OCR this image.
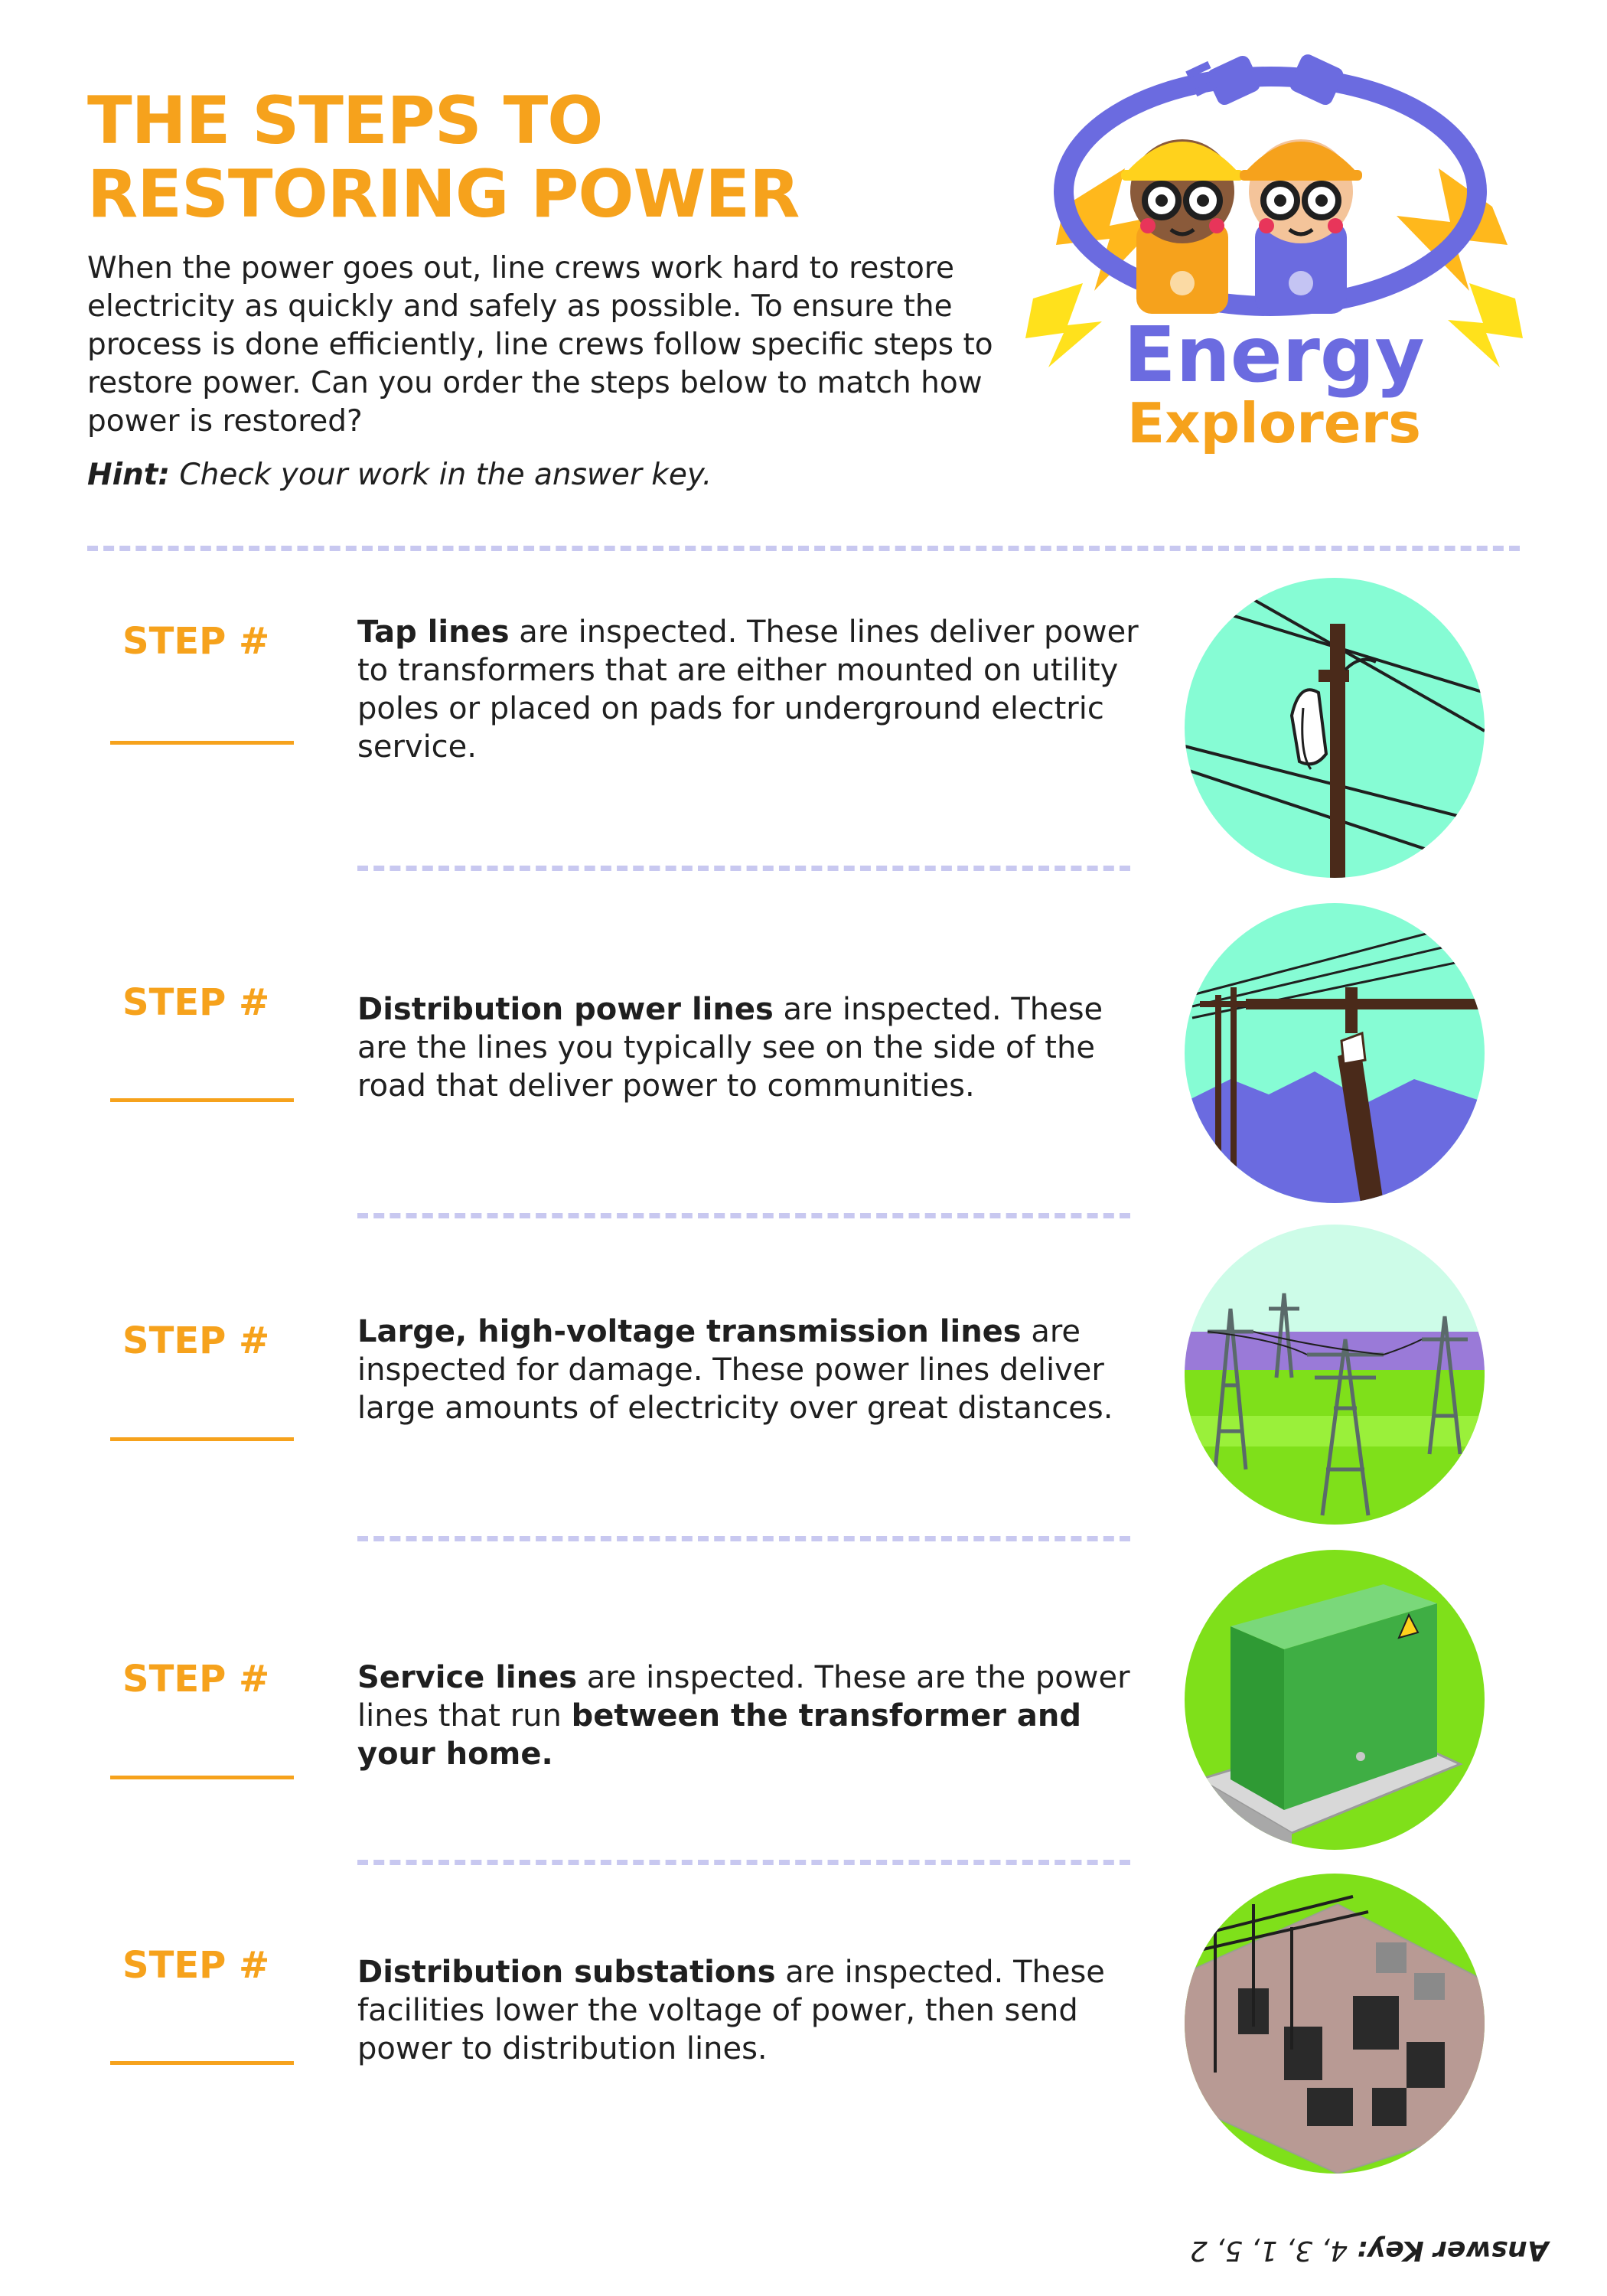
THE STEPS TO
RESTORING POWER

When the power goes out, line crews work hard to restore electricity as quickly and safely as possible. To ensure the process is done efficiently, line crews follow specific steps to restore power. Can you order the steps below to match how power is restored?

Hint: Check your work in the answer key.

Energy
Explorers
STEP #	Tap lines are inspected. These lines deliver power to transformers that are either mounted on utility poles or placed on pads for underground electric service.

STEP #	Distribution power lines are inspected. These are the lines you typically see on the side of the road that deliver power to communities.

STEP #	Large, high-voltage transmission lines are inspected for damage. These power lines deliver large amounts of electricity over great distances.

STEP #	Service lines are inspected. These are the power lines that run between the transformer and your home.

STEP #	Distribution substations are inspected. These facilities lower the voltage of power, then send power to distribution lines.

Answer Key: 4, 3, 1, 5, 2
